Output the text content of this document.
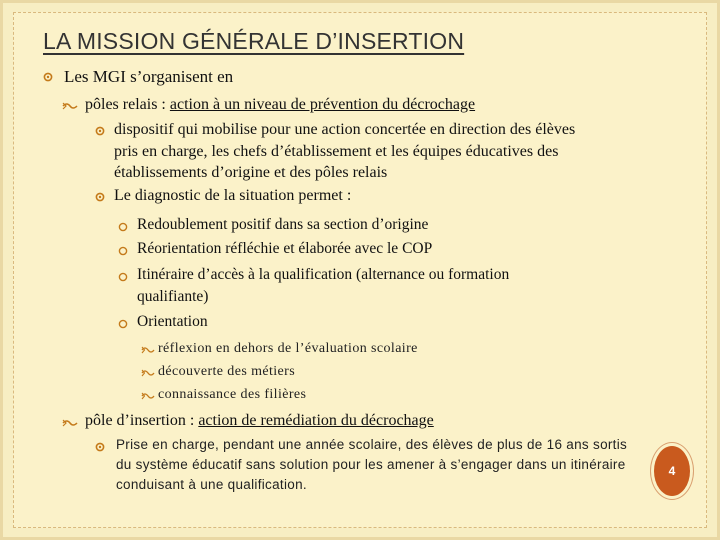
LA MISSION GÉNÉRALE D’INSERTION
Les MGI s’organisent en
pôles relais : action à un niveau de prévention du décrochage
dispositif qui mobilise pour une action concertée en direction des élèves
pris en charge, les chefs d’établissement et les équipes éducatives des
établissements d’origine et des pôles relais
Le diagnostic de la situation permet :
Redoublement positif dans sa section d’origine
Réorientation réfléchie et élaborée avec le COP
Itinéraire d’accès à la qualification (alternance ou formation
qualifiante)
Orientation
réflexion en dehors de l’évaluation scolaire
découverte des métiers
connaissance des filières
pôle d’insertion : action de remédiation du décrochage
Prise en charge, pendant une année scolaire, des élèves de plus de 16 ans sortis
du système éducatif sans solution pour les amener à s’engager dans un itinéraire
conduisant à une qualification.
4
